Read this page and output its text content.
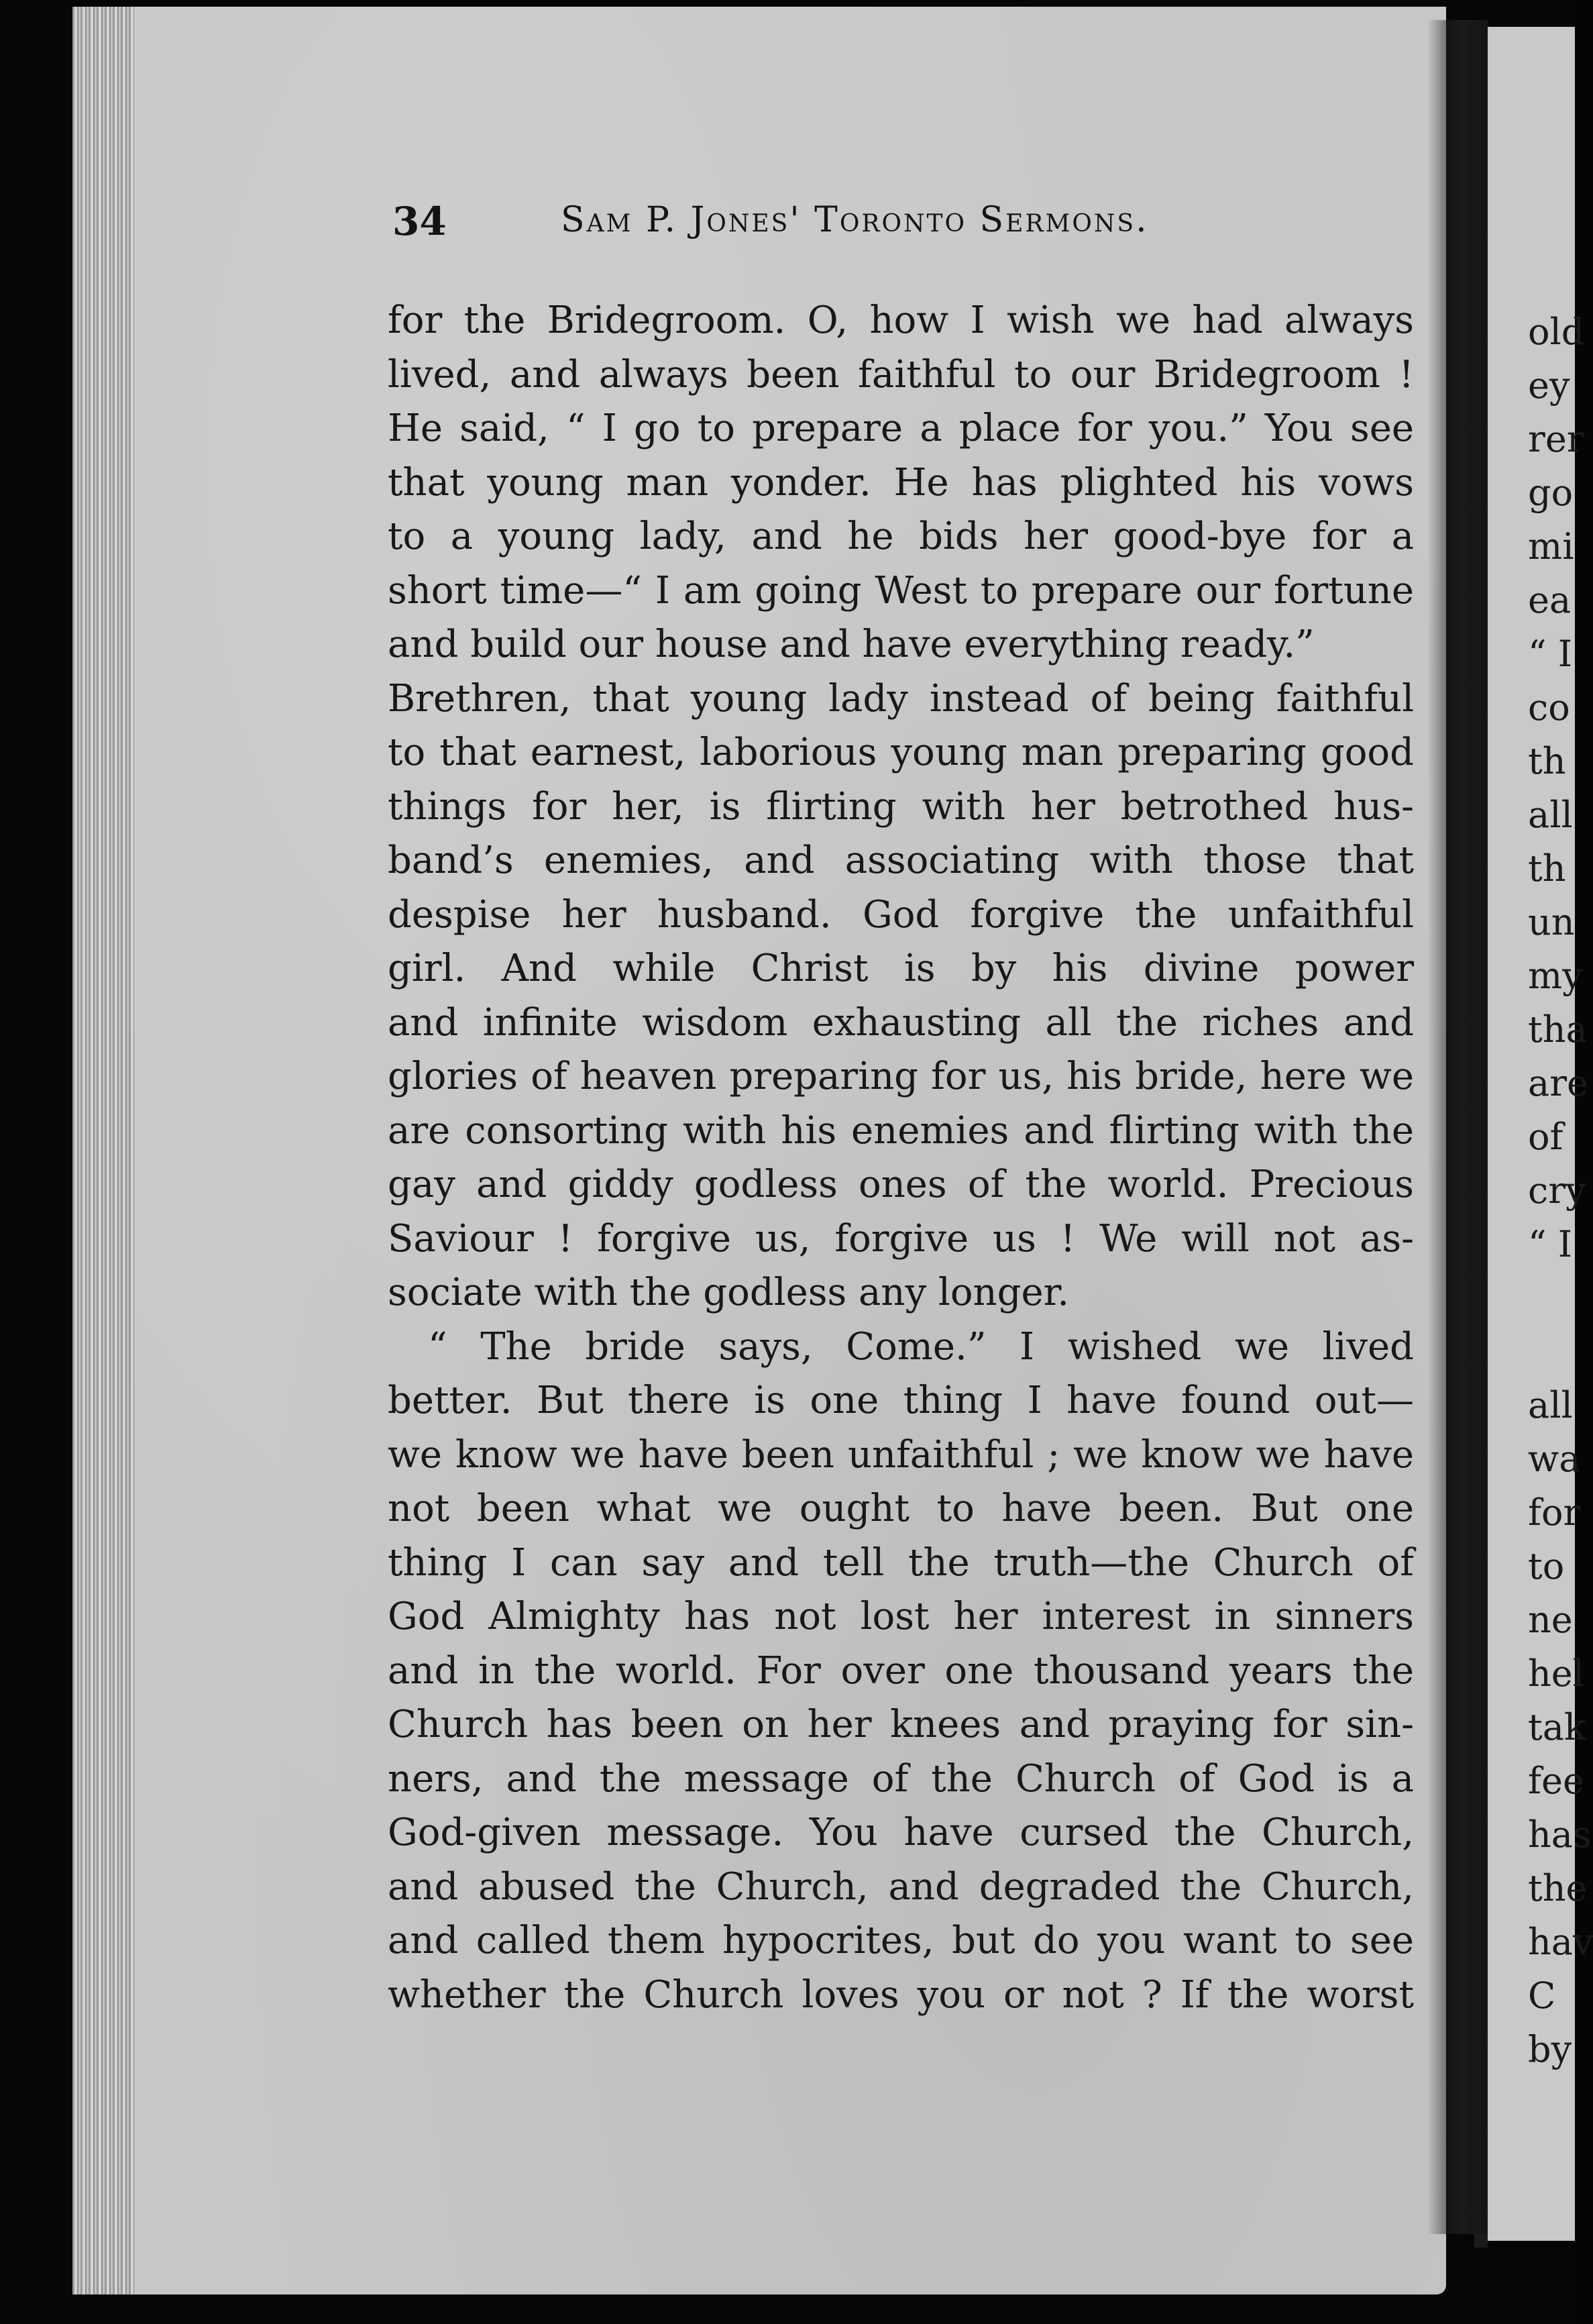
34	Sam P. Jones' Toronto Sermons.
for the Bridegroom. O, how I wish we had always
lived, and always been faithful to our Bridegroom !
He said, “ I go to prepare a place for you.” You see
that young man yonder. He has plighted his vows
to a young lady, and he bids her good-bye for a
short time—“ I am going West to prepare our fortune
and build our house and have everything ready.”
Brethren, that young lady instead of being faithful
to that earnest, laborious young man preparing good
things for her, is flirting with her betrothed hus-
band’s enemies, and associating with those that
despise her husband. God forgive the unfaithful
girl. And while Christ is by his divine power
and infinite wisdom exhausting all the riches and
glories of heaven preparing for us, his bride, here we
are consorting with his enemies and flirting with the
gay and giddy godless ones of the world. Precious
Saviour ! forgive us, forgive us ! We will not as-
sociate with the godless any longer.
“ The bride says, Come.” I wished we lived
better. But there is one thing I have found out—
we know we have been unfaithful ; we know we have
not been what we ought to have been. But one
thing I can say and tell the truth—the Church of
God Almighty has not lost her interest in sinners
and in the world. For over one thousand years the
Church has been on her knees and praying for sin-
ners, and the message of the Church of God is a
God-given message. You have cursed the Church,
and abused the Church, and degraded the Church,
and called them hypocrites, but do you want to see
whether the Church loves you or not ? If the worst
old
ey
rer
go
mi
ea
“ I
co
th
all
th
un
my
tha
are
of
cry
“ I
all
wa
for
to
ne
hel
tak
fee
has
the
hav
C
by
